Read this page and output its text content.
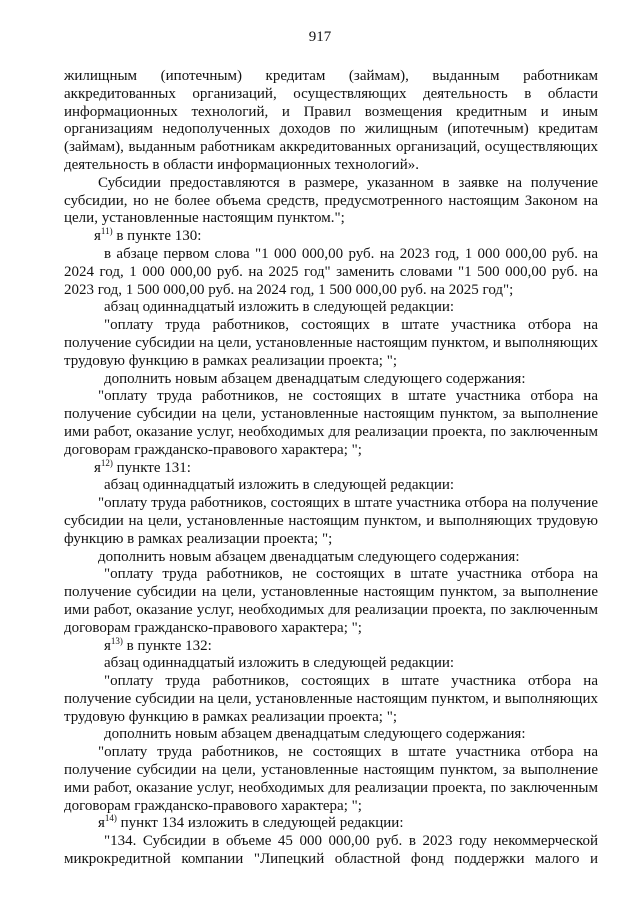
917

жилищным (ипотечным) кредитам (займам), выданным работникам аккредитованных организаций, осуществляющих деятельность в области информационных технологий, и Правил возмещения кредитным и иным организациям недополученных доходов по жилищным (ипотечным) кредитам (займам), выданным работникам аккредитованных организаций, осуществляющих деятельность в области информационных технологий».

Субсидии предоставляются в размере, указанном в заявке на получение субсидии, но не более объема средств, предусмотренного настоящим Законом на цели, установленные настоящим пунктом.";

$я^{11)}$ в пункте 130:

в абзаце первом слова "1 000 000,00 руб. на 2023 год, 1 000 000,00 руб. на 2024 год, 1 000 000,00 руб. на 2025 год" заменить словами "1 500 000,00 руб. на 2023 год, 1 500 000,00 руб. на 2024 год, 1 500 000,00 руб. на 2025 год";

абзац одиннадцатый изложить в следующей редакции:

"оплату труда работников, состоящих в штате участника отбора на получение субсидии на цели, установленные настоящим пунктом, и выполняющих трудовую функцию в рамках реализации проекта; ";

дополнить новым абзацем двенадцатым следующего содержания:

"оплату труда работников, не состоящих в штате участника отбора на получение субсидии на цели, установленные настоящим пунктом, за выполнение ими работ, оказание услуг, необходимых для реализации проекта, по заключенным договорам гражданско-правового характера; ";

$я^{12)}$ пункте 131:

абзац одиннадцатый изложить в следующей редакции:

"оплату труда работников, состоящих в штате участника отбора на получение субсидии на цели, установленные настоящим пунктом, и выполняющих трудовую функцию в рамках реализации проекта; ";

дополнить новым абзацем двенадцатым следующего содержания:

"оплату труда работников, не состоящих в штате участника отбора на получение субсидии на цели, установленные настоящим пунктом, за выполнение ими работ, оказание услуг, необходимых для реализации проекта, по заключенным договорам гражданско-правового характера; ";

$я^{13)}$ в пункте 132:

абзац одиннадцатый изложить в следующей редакции:

"оплату труда работников, состоящих в штате участника отбора на получение субсидии на цели, установленные настоящим пунктом, и выполняющих трудовую функцию в рамках реализации проекта; ";

дополнить новым абзацем двенадцатым следующего содержания:

"оплату труда работников, не состоящих в штате участника отбора на получение субсидии на цели, установленные настоящим пунктом, за выполнение ими работ, оказание услуг, необходимых для реализации проекта, по заключенным договорам гражданско-правового характера; ";

$я^{14)}$ пункт 134 изложить в следующей редакции:

"134. Субсидии в объеме 45 000 000,00 руб. в 2023 году некоммерческой микрокредитной компании "Липецкий областной фонд поддержки малого и
